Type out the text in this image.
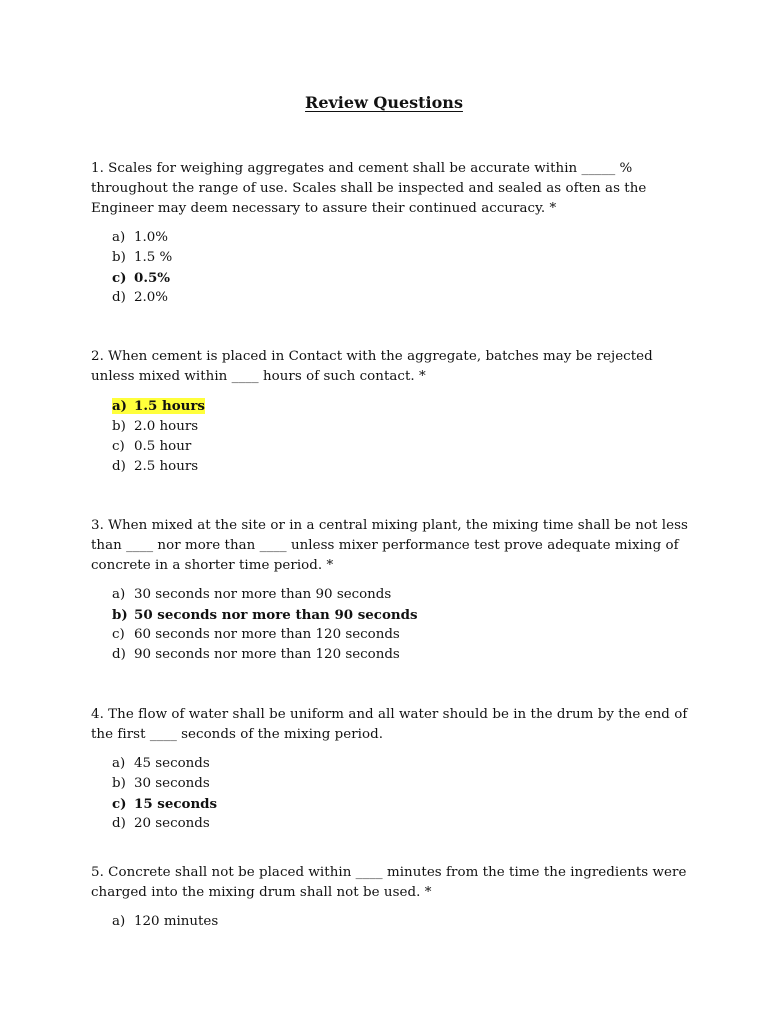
Review Questions

1. Scales for weighing aggregates and cement shall be accurate within _____ % throughout the range of use. Scales shall be inspected and sealed as often as the Engineer may deem necessary to assure their continued accuracy. *

a) 1.0%
b) 1.5 %
c) 0.5%
d) 2.0%

2. When cement is placed in Contact with the aggregate, batches may be rejected unless mixed within ____ hours of such contact. *

a) 1.5 hours
b) 2.0 hours
c) 0.5 hour
d) 2.5 hours

3. When mixed at the site or in a central mixing plant, the mixing time shall be not less than ____ nor more than ____ unless mixer performance test prove adequate mixing of concrete in a shorter time period. *

a) 30 seconds nor more than 90 seconds
b) 50 seconds nor more than 90 seconds
c) 60 seconds nor more than 120 seconds
d) 90 seconds nor more than 120 seconds

4. The flow of water shall be uniform and all water should be in the drum by the end of the first ____ seconds of the mixing period.

a) 45 seconds
b) 30 seconds
c) 15 seconds
d) 20 seconds

5. Concrete shall not be placed within ____ minutes from the time the ingredients were charged into the mixing drum shall not be used. *

a) 120 minutes
